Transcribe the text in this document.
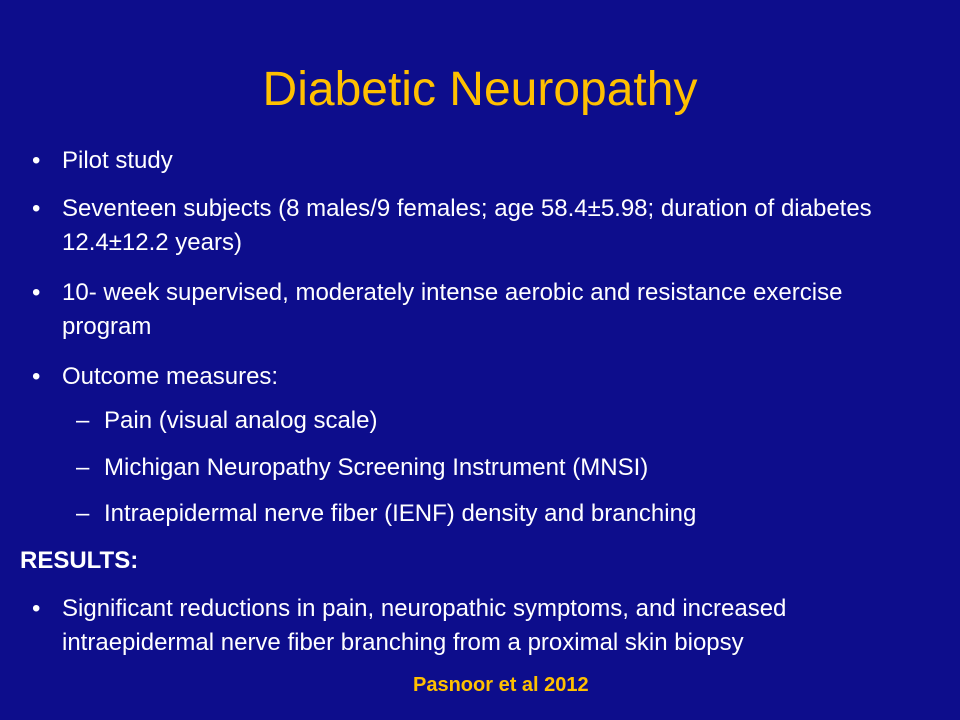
Diabetic Neuropathy
• Pilot study
• Seventeen subjects (8 males/9 females; age 58.4±5.98; duration of diabetes 12.4±12.2 years)
• 10- week supervised, moderately intense aerobic and resistance exercise program
• Outcome measures:
– Pain (visual analog scale)
– Michigan Neuropathy Screening Instrument (MNSI)
– Intraepidermal nerve fiber (IENF) density and branching
RESULTS:
• Significant reductions in pain, neuropathic symptoms, and increased intraepidermal nerve fiber branching from a proximal skin biopsy
Pasnoor et al 2012
